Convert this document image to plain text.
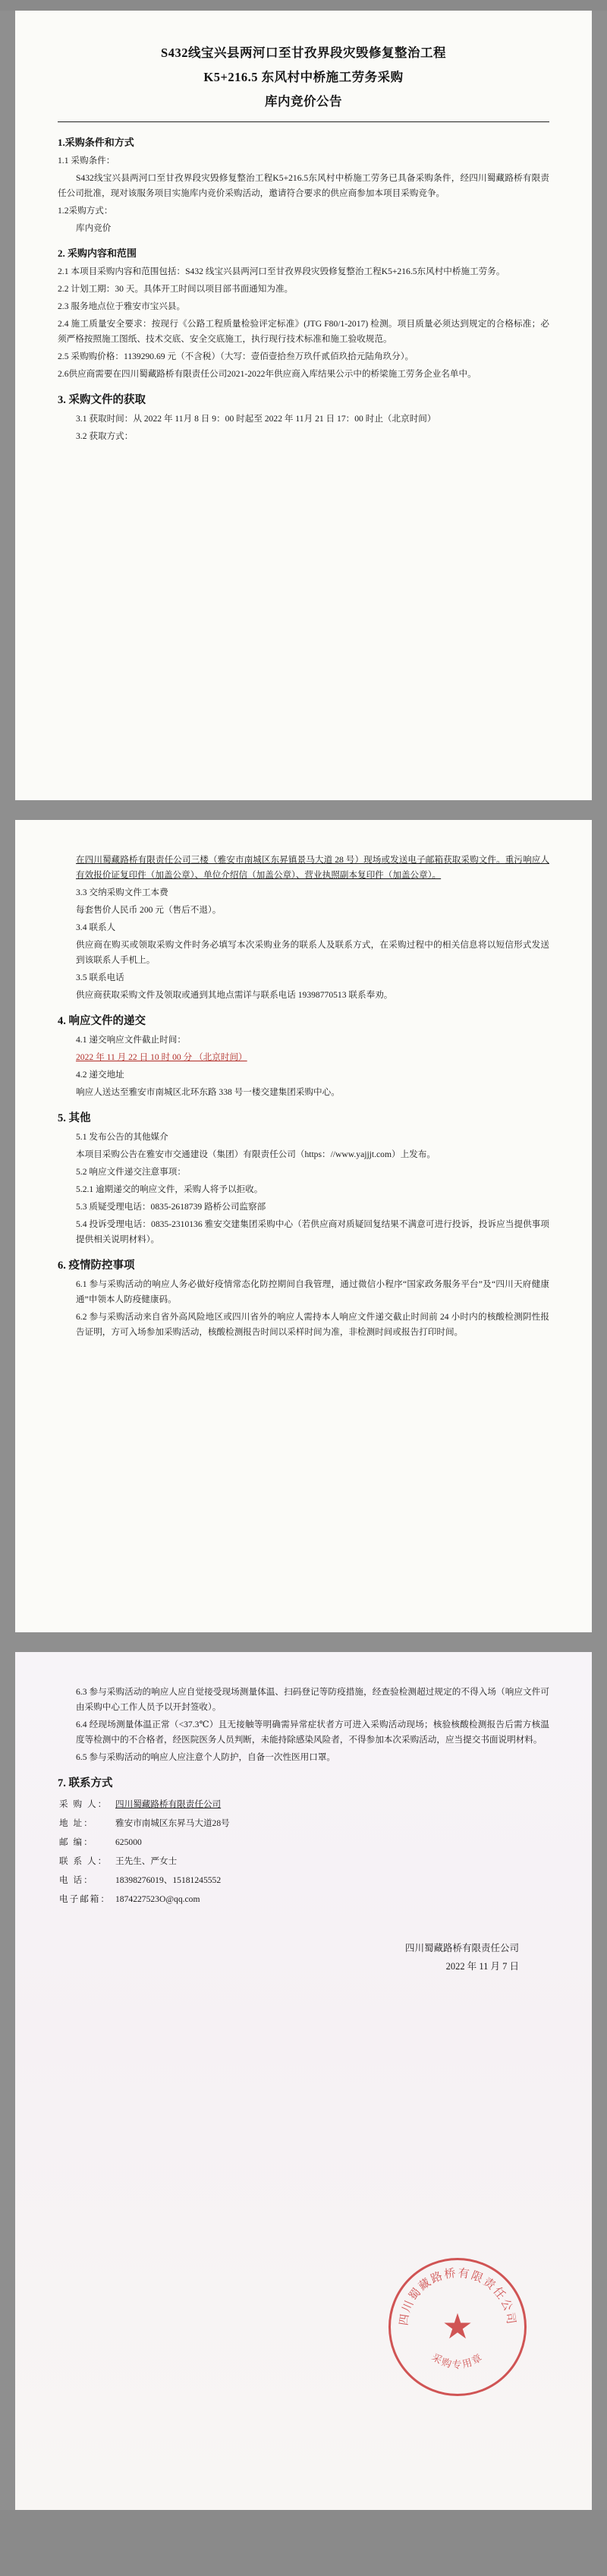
S432线宝兴县两河口至甘孜界段灾毁修复整治工程
K5+216.5 东风村中桥施工劳务采购
库内竞价公告
1.采购条件和方式

1.1 采购条件：

S432线宝兴县两河口至甘孜界段灾毁修复整治工程K5+216.5东风村中桥施工劳务已具备采购条件，经四川蜀藏路桥有限责任公司批准，现对该服务项目实施库内竞价采购活动，邀请符合要求的供应商参加本项目采购竞争。

1.2采购方式：

库内竞价

2. 采购内容和范围

2.1 本项目采购内容和范围包括：S432 线宝兴县两河口至甘孜界段灾毁修复整治工程K5+216.5东风村中桥施工劳务。

2.2 计划工期：30 天。具体开工时间以项目部书面通知为准。

2.3 服务地点位于雅安市宝兴县。

2.4 施工质量安全要求：按现行《公路工程质量检验评定标准》(JTG F80/1-2017) 检测。项目质量必须达到规定的合格标准；必须严格按照施工图纸、技术交底、安全交底施工，执行现行技术标准和施工验收规范。

2.5 采购购价格：1139290.69 元（不含税）（大写：壹佰壹拾叁万玖仟贰佰玖拾元陆角玖分）。

2.6供应商需要在四川蜀藏路桥有限责任公司2021-2022年供应商入库结果公示中的桥梁施工劳务企业名单中。

3. 采购文件的获取

3.1 获取时间：从 2022 年 11月 8 日 9：00 时起至 2022 年 11月 21 日 17：00 时止（北京时间）

3.2 获取方式：

在四川蜀藏路桥有限责任公司三楼（雅安市南城区东昇镇景马大道 28 号）现场或发送电子邮箱获取采购文件。重污响应人有效报价证复印件（加盖公章）、单位介绍信（加盖公章）、营业执照副本复印件（加盖公章）。

3.3 交纳采购文件工本费

每套售价人民币 200 元（售后不退）。

3.4 联系人

供应商在购买或领取采购文件时务必填写本次采购业务的联系人及联系方式，在采购过程中的相关信息将以短信形式发送到该联系人手机上。

3.5 联系电话

供应商获取采购文件及领取或通到其地点需详与联系电话 19398770513 联系奉劝。

4. 响应文件的递交

4.1 递交响应文件截止时间：

2022 年 11 月 22 日 10 时 00 分 （北京时间）

4.2 递交地址

响应人送达至雅安市南城区北环东路 338 号一楼交建集团采购中心。

5. 其他

5.1 发布公告的其他媒介

本项目采购公告在雅安市交通建设（集团）有限责任公司（https：//www.yajjjt.com）上发布。

5.2 响应文件递交注意事项：

5.2.1 逾期递交的响应文件，采购人将予以拒收。

5.3 质疑受理电话：0835-2618739 路桥公司监察部

5.4 投诉受理电话：0835-2310136 雅安交建集团采购中心（若供应商对质疑回复结果不满意可进行投诉，投诉应当提供事项提供相关说明材料）。

6. 疫情防控事项

6.1 参与采购活动的响应人务必做好疫情常态化防控期间自我管理，通过微信小程序“国家政务服务平台”及“四川天府健康通”申领本人防疫健康码。

6.2 参与采购活动来自省外高风险地区或四川省外的响应人需持本人响应文件递交截止时间前 24 小时内的核酸检测阴性报告证明，方可入场参加采购活动，核酸检测报告时间以采样时间为准，非检测时间或报告打印时间。

6.3 参与采购活动的响应人应自觉接受现场测量体温、扫码登记等防疫措施，经查验检测超过规定的不得入场（响应文件可由采购中心工作人员予以开封签收）。

6.4 经现场测量体温正常（<37.3℃）且无接触等明确需异常症状者方可进入采购活动现场；核验核酸检测报告后需方核温度等检测中的不合格者，经医院医务人员判断，未能持除感染风险者，不得参加本次采购活动，应当提交书面说明材料。

6.5 参与采购活动的响应人应注意个人防护，自备一次性医用口罩。

7. 联系方式
采 购 人：	四川蜀藏路桥有限责任公司
地 址：	雅安市南城区东昇马大道28号
邮 编：	625000
联 系 人：	王先生、严女士
电 话：	18398276019、15181245552
电子邮箱：	1874227523O@qq.com
四川蜀藏路桥有限责任公司
采购专用章
★
四川蜀藏路桥有限责任公司
2022 年 11 月 7 日
